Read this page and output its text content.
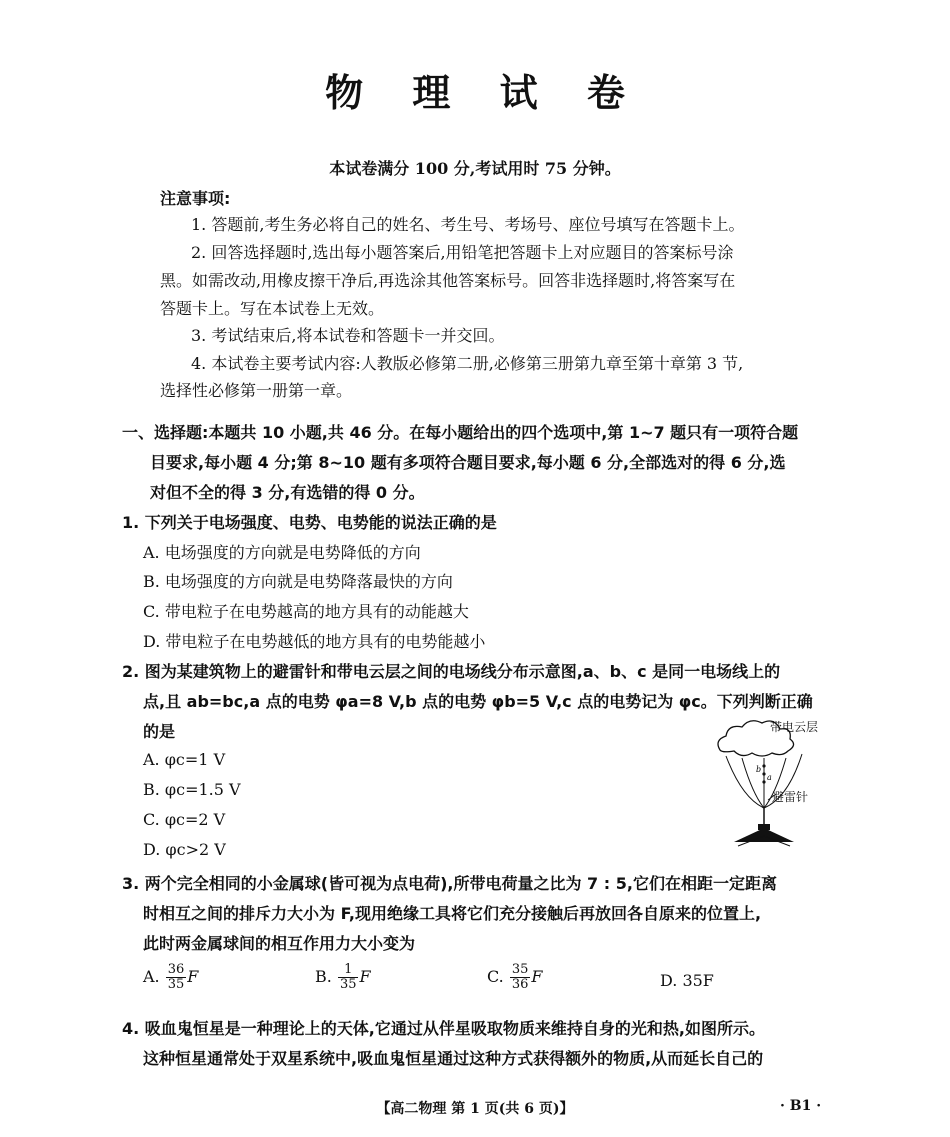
物 理 试 卷
本试卷满分 100 分,考试用时 75 分钟。
注意事项:
1. 答题前,考生务必将自己的姓名、考生号、考场号、座位号填写在答题卡上。
2. 回答选择题时,选出每小题答案后,用铅笔把答题卡上对应题目的答案标号涂
黑。如需改动,用橡皮擦干净后,再选涂其他答案标号。回答非选择题时,将答案写在
答题卡上。写在本试卷上无效。
3. 考试结束后,将本试卷和答题卡一并交回。
4. 本试卷主要考试内容:人教版必修第二册,必修第三册第九章至第十章第 3 节,
选择性必修第一册第一章。
一、选择题:本题共 10 小题,共 46 分。在每小题给出的四个选项中,第 1~7 题只有一项符合题
目要求,每小题 4 分;第 8~10 题有多项符合题目要求,每小题 6 分,全部选对的得 6 分,选
对但不全的得 3 分,有选错的得 0 分。
1. 下列关于电场强度、电势、电势能的说法正确的是
A. 电场强度的方向就是电势降低的方向
B. 电场强度的方向就是电势降落最快的方向
C. 带电粒子在电势越高的地方具有的动能越大
D. 带电粒子在电势越低的地方具有的电势能越小
2. 图为某建筑物上的避雷针和带电云层之间的电场线分布示意图,a、b、c 是同一电场线上的
点,且 ab=bc,a 点的电势 φa=8 V,b 点的电势 φb=5 V,c 点的电势记为 φc。下列判断正确
的是
A. φc=1 V
B. φc=1.5 V
C. φc=2 V
D. φc>2 V
b
a
带电云层
避雷针
3. 两个完全相同的小金属球(皆可视为点电荷),所带电荷量之比为 7 : 5,它们在相距一定距离
时相互之间的排斥力大小为 F,现用绝缘工具将它们充分接触后再放回各自原来的位置上,
此时两金属球间的相互作用力大小变为
A. $\frac{36}{35}$ F	B. $\frac{1}{35}$ F	C. $\frac{35}{36}$ F	D. 35F
4. 吸血鬼恒星是一种理论上的天体,它通过从伴星吸取物质来维持自身的光和热,如图所示。
这种恒星通常处于双星系统中,吸血鬼恒星通过这种方式获得额外的物质,从而延长自己的
【高二物理 第 1 页(共 6 页)】	· B1 ·
